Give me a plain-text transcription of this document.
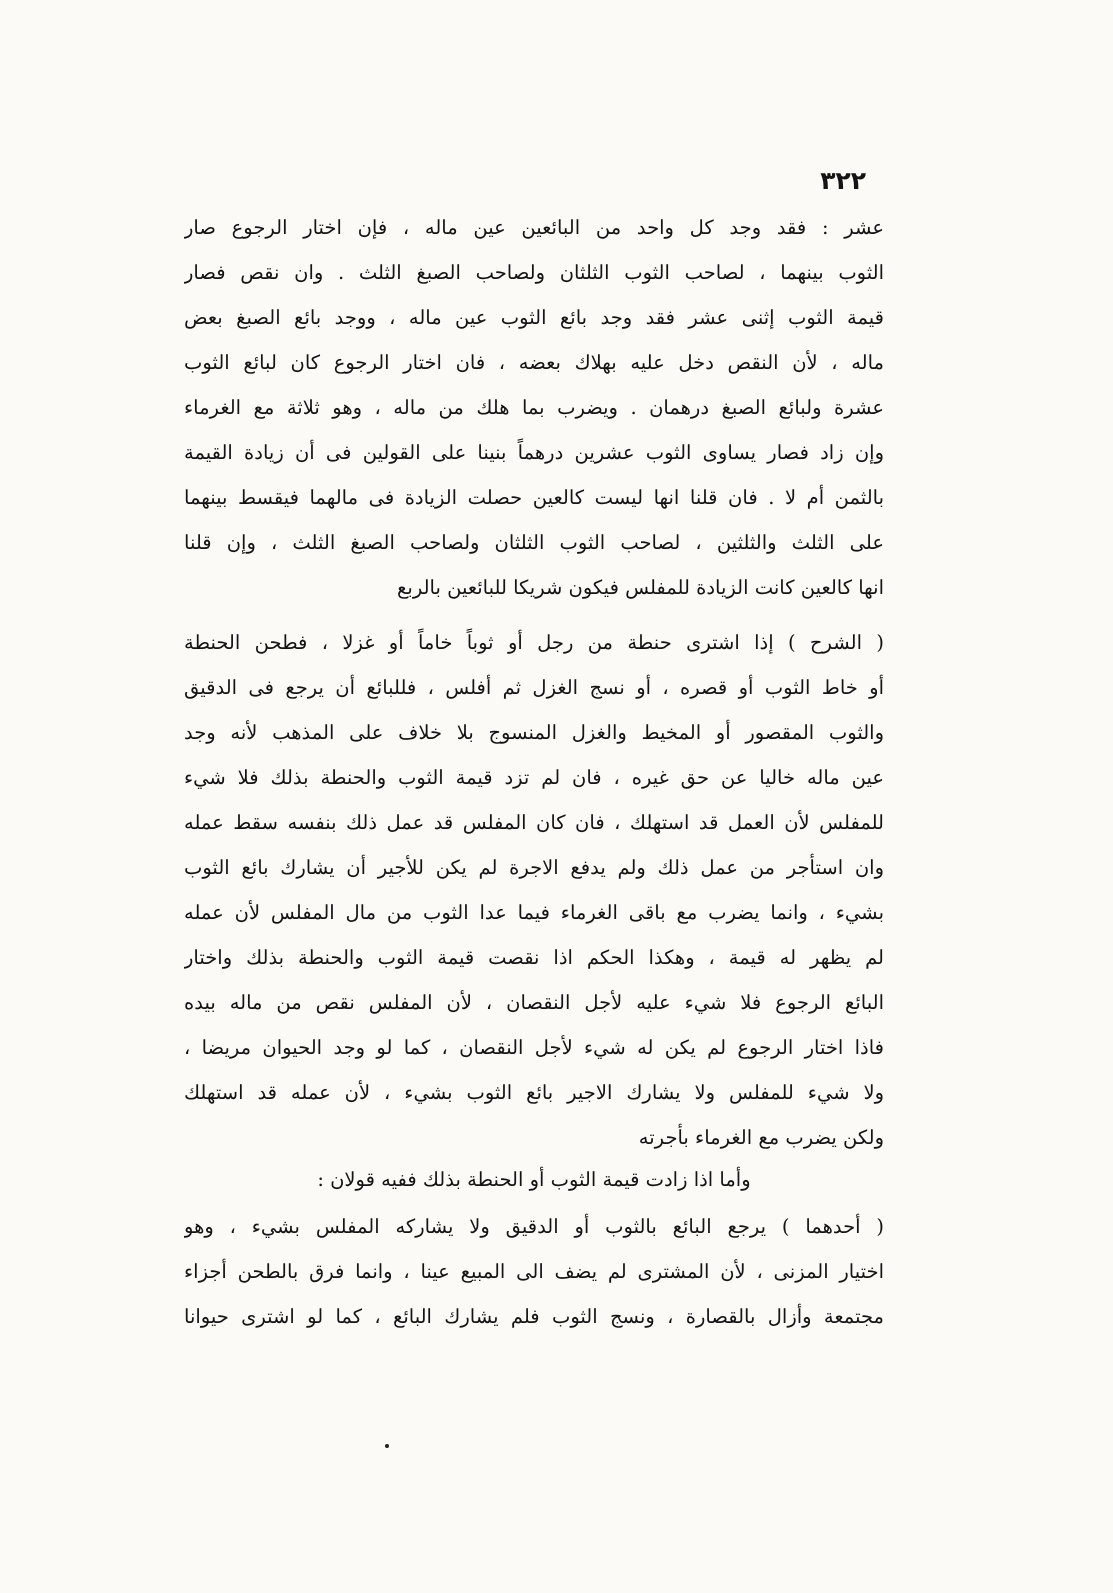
٣٢٢
عشر : فقد وجد كل واحد من البائعين عين ماله ، فإن اختار الرجوع صار
الثوب بينهما ، لصاحب الثوب الثلثان ولصاحب الصبغ الثلث . وان نقص فصار
قيمة الثوب إثنى عشر فقد وجد بائع الثوب عين ماله ، ووجد بائع الصبغ بعض
ماله ، لأن النقص دخل عليه بهلاك بعضه ، فان اختار الرجوع كان لبائع الثوب
عشرة ولبائع الصبغ درهمان . ويضرب بما هلك من ماله ، وهو ثلاثة مع الغرماء
وإن زاد فصار يساوى الثوب عشرين درهماً بنينا على القولين فى أن زيادة القيمة
بالثمن أم لا . فان قلنا انها ليست كالعين حصلت الزيادة فى مالهما فيقسط بينهما
على الثلث والثلثين ، لصاحب الثوب الثلثان ولصاحب الصبغ الثلث ، وإن قلنا
انها كالعين كانت الزيادة للمفلس فيكون شريكا للبائعين بالربع
( الشرح ) إذا اشترى حنطة من رجل أو ثوباً خاماً أو غزلا ، فطحن الحنطة
أو خاط الثوب أو قصره ، أو نسج الغزل ثم أفلس ، فللبائع أن يرجع فى الدقيق
والثوب المقصور أو المخيط والغزل المنسوج بلا خلاف على المذهب لأنه وجد
عين ماله خاليا عن حق غيره ، فان لم تزد قيمة الثوب والحنطة بذلك فلا شيء
للمفلس لأن العمل قد استهلك ، فان كان المفلس قد عمل ذلك بنفسه سقط عمله
وان استأجر من عمل ذلك ولم يدفع الاجرة لم يكن للأجير أن يشارك بائع الثوب
بشيء ، وانما يضرب مع باقى الغرماء فيما عدا الثوب من مال المفلس لأن عمله
لم يظهر له قيمة ، وهكذا الحكم اذا نقصت قيمة الثوب والحنطة بذلك واختار
البائع الرجوع فلا شيء عليه لأجل النقصان ، لأن المفلس نقص من ماله بيده
فاذا اختار الرجوع لم يكن له شيء لأجل النقصان ، كما لو وجد الحيوان مريضا ،
ولا شيء للمفلس ولا يشارك الاجير بائع الثوب بشيء ، لأن عمله قد استهلك
ولكن يضرب مع الغرماء بأجرته
وأما اذا زادت قيمة الثوب أو الحنطة بذلك ففيه قولان :
( أحدهما ) يرجع البائع بالثوب أو الدقيق ولا يشاركه المفلس بشيء ، وهو
اختيار المزنى ، لأن المشترى لم يضف الى المبيع عينا ، وانما فرق بالطحن أجزاء
مجتمعة وأزال بالقصارة ، ونسج الثوب فلم يشارك البائع ، كما لو اشترى حيوانا
